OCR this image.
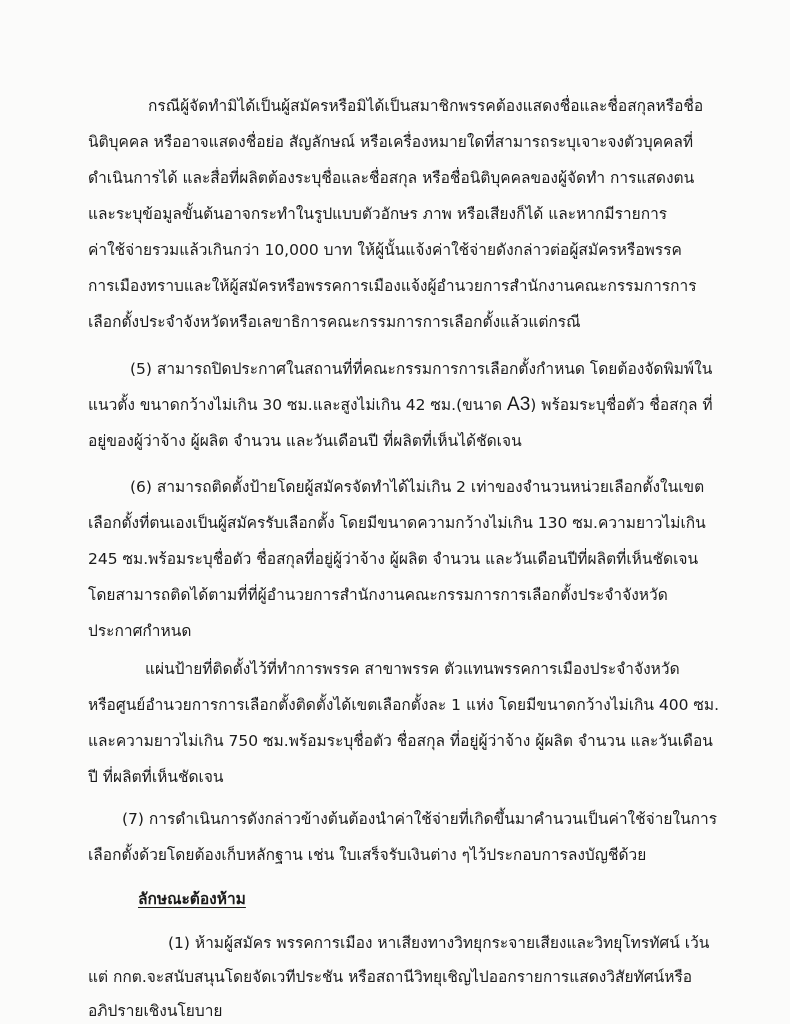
กรณีผู้จัดทำมิได้เป็นผู้สมัครหรือมิได้เป็นสมาชิกพรรคต้องแสดงชื่อและชื่อสกุลหรือชื่อ
นิติบุคคล หรืออาจแสดงชื่อย่อ สัญลักษณ์ หรือเครื่องหมายใดที่สามารถระบุเจาะจงตัวบุคคลที่
ดำเนินการได้ และสื่อที่ผลิตต้องระบุชื่อและชื่อสกุล หรือชื่อนิติบุคคลของผู้จัดทำ การแสดงตน
และระบุข้อมูลขั้นต้นอาจกระทำในรูปแบบตัวอักษร ภาพ หรือเสียงก็ได้ และหากมีรายการ
ค่าใช้จ่ายรวมแล้วเกินกว่า 10,000 บาท ให้ผู้นั้นแจ้งค่าใช้จ่ายดังกล่าวต่อผู้สมัครหรือพรรค
การเมืองทราบและให้ผู้สมัครหรือพรรคการเมืองแจ้งผู้อำนวยการสำนักงานคณะกรรมการการ
เลือกตั้งประจำจังหวัดหรือเลขาธิการคณะกรรมการการเลือกตั้งแล้วแต่กรณี
(5) สามารถปิดประกาศในสถานที่ที่คณะกรรมการการเลือกตั้งกำหนด โดยต้องจัดพิมพ์ใน
แนวตั้ง ขนาดกว้างไม่เกิน 30 ซม.และสูงไม่เกิน 42 ซม.(ขนาด A3) พร้อมระบุชื่อตัว ชื่อสกุล ที่
อยู่ของผู้ว่าจ้าง ผู้ผลิต จำนวน และวันเดือนปี ที่ผลิตที่เห็นได้ชัดเจน
(6) สามารถติดตั้งป้ายโดยผู้สมัครจัดทำได้ไม่เกิน 2 เท่าของจำนวนหน่วยเลือกตั้งในเขต
เลือกตั้งที่ตนเองเป็นผู้สมัครรับเลือกตั้ง โดยมีขนาดความกว้างไม่เกิน 130 ซม.ความยาวไม่เกิน
245 ซม.พร้อมระบุชื่อตัว ชื่อสกุลที่อยู่ผู้ว่าจ้าง ผู้ผลิต จำนวน และวันเดือนปีที่ผลิตที่เห็นชัดเจน
โดยสามารถติดได้ตามที่ที่ผู้อำนวยการสำนักงานคณะกรรมการการเลือกตั้งประจำจังหวัด
ประกาศกำหนด
แผ่นป้ายที่ติดตั้งไว้ที่ทำการพรรค สาขาพรรค ตัวแทนพรรคการเมืองประจำจังหวัด
หรือศูนย์อำนวยการการเลือกตั้งติดตั้งได้เขตเลือกตั้งละ 1 แห่ง โดยมีขนาดกว้างไม่เกิน 400 ซม.
และความยาวไม่เกิน 750 ซม.พร้อมระบุชื่อตัว ชื่อสกุล ที่อยู่ผู้ว่าจ้าง ผู้ผลิต จำนวน และวันเดือน
ปี ที่ผลิตที่เห็นชัดเจน
(7) การดำเนินการดังกล่าวข้างต้นต้องนำค่าใช้จ่ายที่เกิดขึ้นมาคำนวนเป็นค่าใช้จ่ายในการ
เลือกตั้งด้วยโดยต้องเก็บหลักฐาน เช่น ใบเสร็จรับเงินต่าง ๆไว้ประกอบการลงบัญชีด้วย
ลักษณะต้องห้าม
(1) ห้ามผู้สมัคร พรรคการเมือง หาเสียงทางวิทยุกระจายเสียงและวิทยุโทรทัศน์ เว้น
แต่ กกต.จะสนับสนุนโดยจัดเวทีประชัน หรือสถานีวิทยุเชิญไปออกรายการแสดงวิสัยทัศน์หรือ
อภิปรายเชิงนโยบาย
